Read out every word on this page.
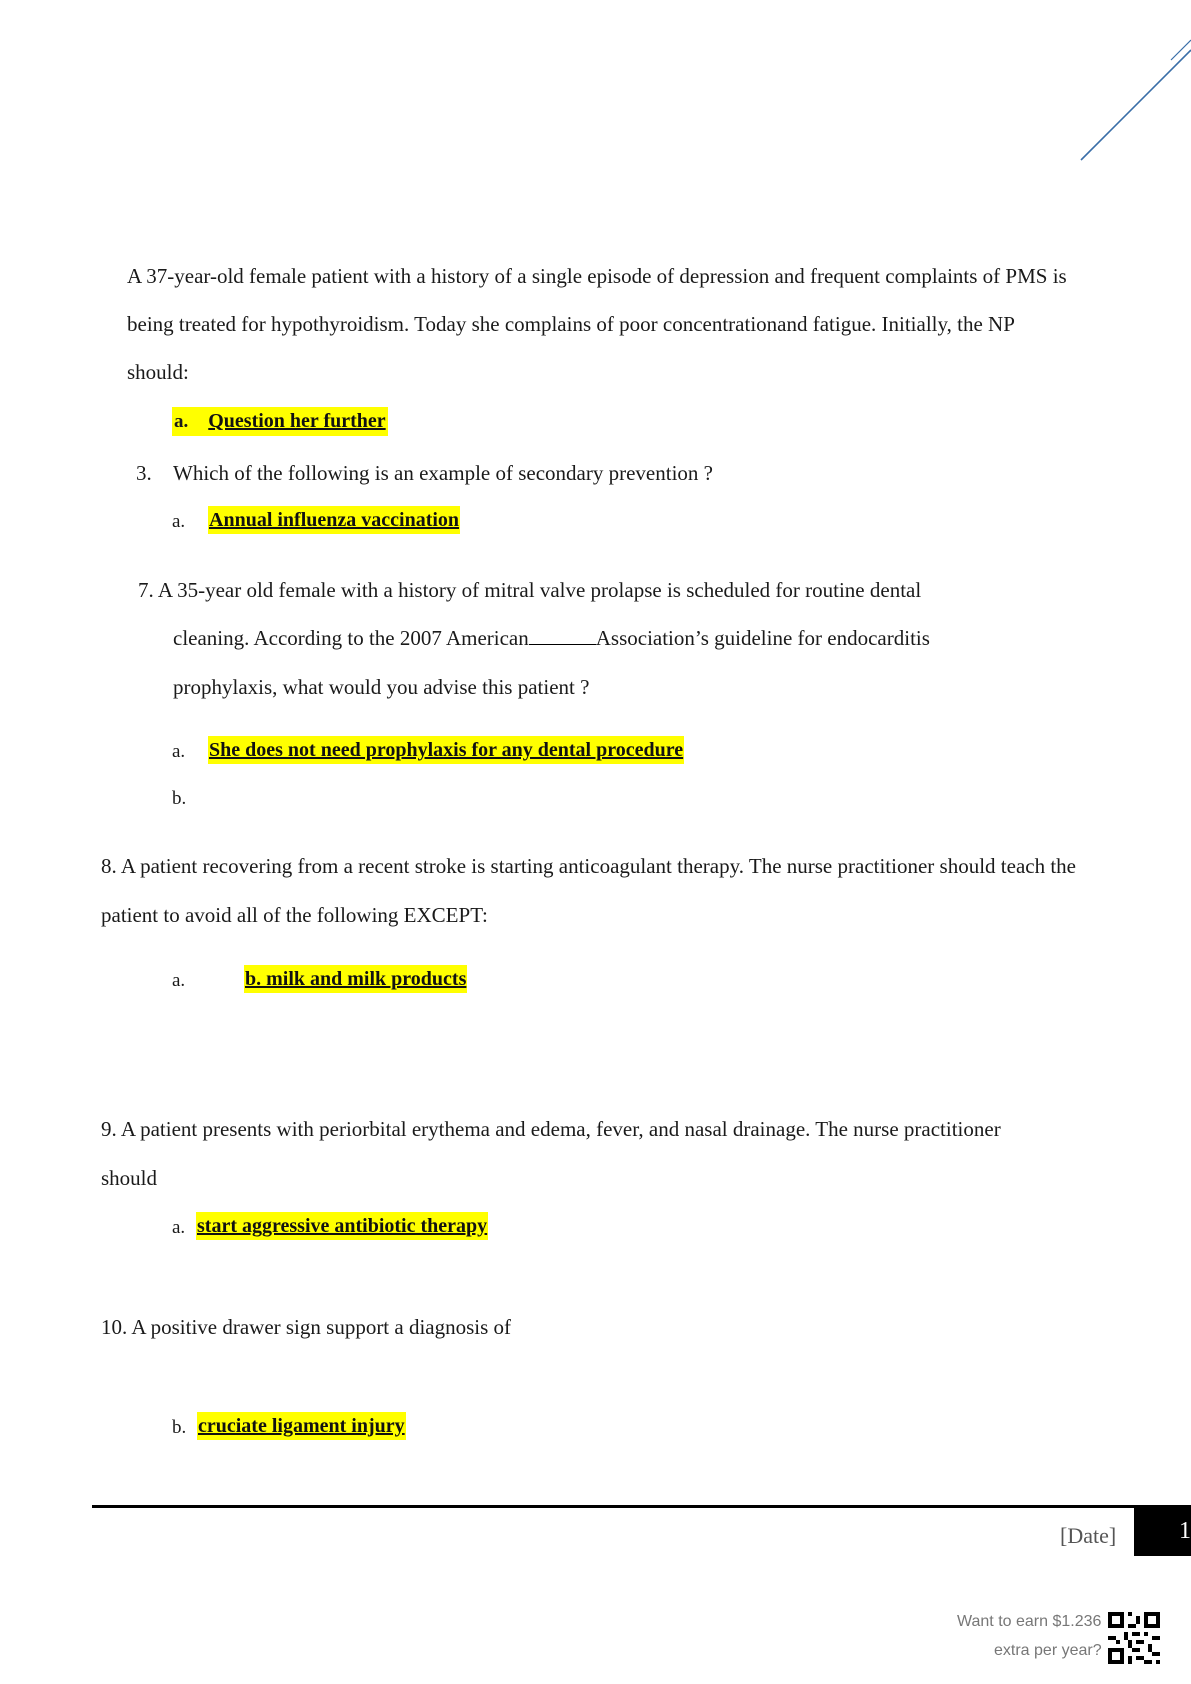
A 37-year-old female patient with a history of a single episode of depression and frequent complaints of PMS is
being treated for hypothyroidism. Today she complains of poor concentrationand fatigue. Initially, the NP
should:
a. Question her further
3. Which of the following is an example of secondary prevention ?
a. Annual influenza vaccination
7. A 35-year old female with a history of mitral valve prolapse is scheduled for routine dental
cleaning. According to the 2007 American	Association’s guideline for endocarditis
prophylaxis, what would you advise this patient ?
a. She does not need prophylaxis for any dental procedure
b.
8. A patient recovering from a recent stroke is starting anticoagulant therapy. The nurse practitioner should teach the
patient to avoid all of the following EXCEPT:
a.	b. milk and milk products
9. A patient presents with periorbital erythema and edema, fever, and nasal drainage. The nurse practitioner
should
a. start aggressive antibiotic therapy
10. A positive drawer sign support a diagnosis of
b. cruciate ligament injury
[Date]	1
Want to earn $1.236
extra per year?
